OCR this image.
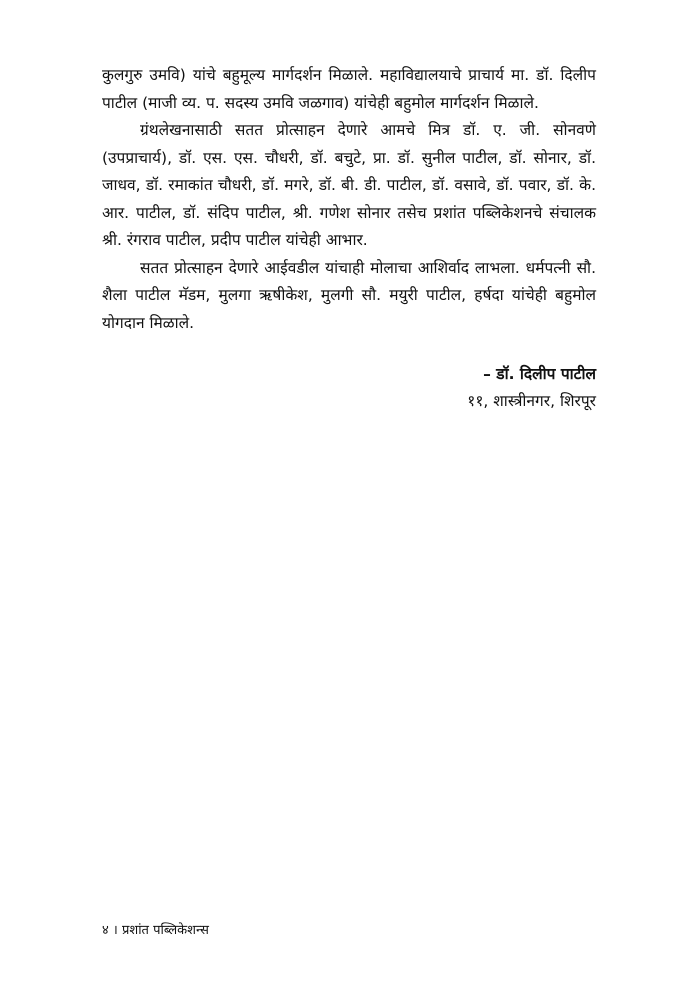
कुलगुरु उमवि) यांचे बहुमूल्य मार्गदर्शन मिळाले. महाविद्यालयाचे प्राचार्य मा. डॉ. दिलीप पाटील (माजी व्य. प. सदस्य उमवि जळगाव) यांचेही बहुमोल मार्गदर्शन मिळाले.

ग्रंथलेखनासाठी सतत प्रोत्साहन देणारे आमचे मित्र डॉ. ए. जी. सोनवणे (उपप्राचार्य), डॉ. एस. एस. चौधरी, डॉ. बचुटे, प्रा. डॉ. सुनील पाटील, डॉ. सोनार, डॉ. जाधव, डॉ. रमाकांत चौधरी, डॉ. मगरे, डॉ. बी. डी. पाटील, डॉ. वसावे, डॉ. पवार, डॉ. के. आर. पाटील, डॉ. संदिप पाटील, श्री. गणेश सोनार तसेच प्रशांत पब्लिकेशनचे संचालक श्री. रंगराव पाटील, प्रदीप पाटील यांचेही आभार.

सतत प्रोत्साहन देणारे आईवडील यांचाही मोलाचा आशिर्वाद लाभला. धर्मपत्नी सौ. शैला पाटील मॅडम, मुलगा ऋषीकेश, मुलगी सौ. मयुरी पाटील, हर्षदा यांचेही बहुमोल योगदान मिळाले.

– डॉ. दिलीप पाटील
११, शास्त्रीनगर, शिरपूर
४ । प्रशांत पब्लिकेशन्स
